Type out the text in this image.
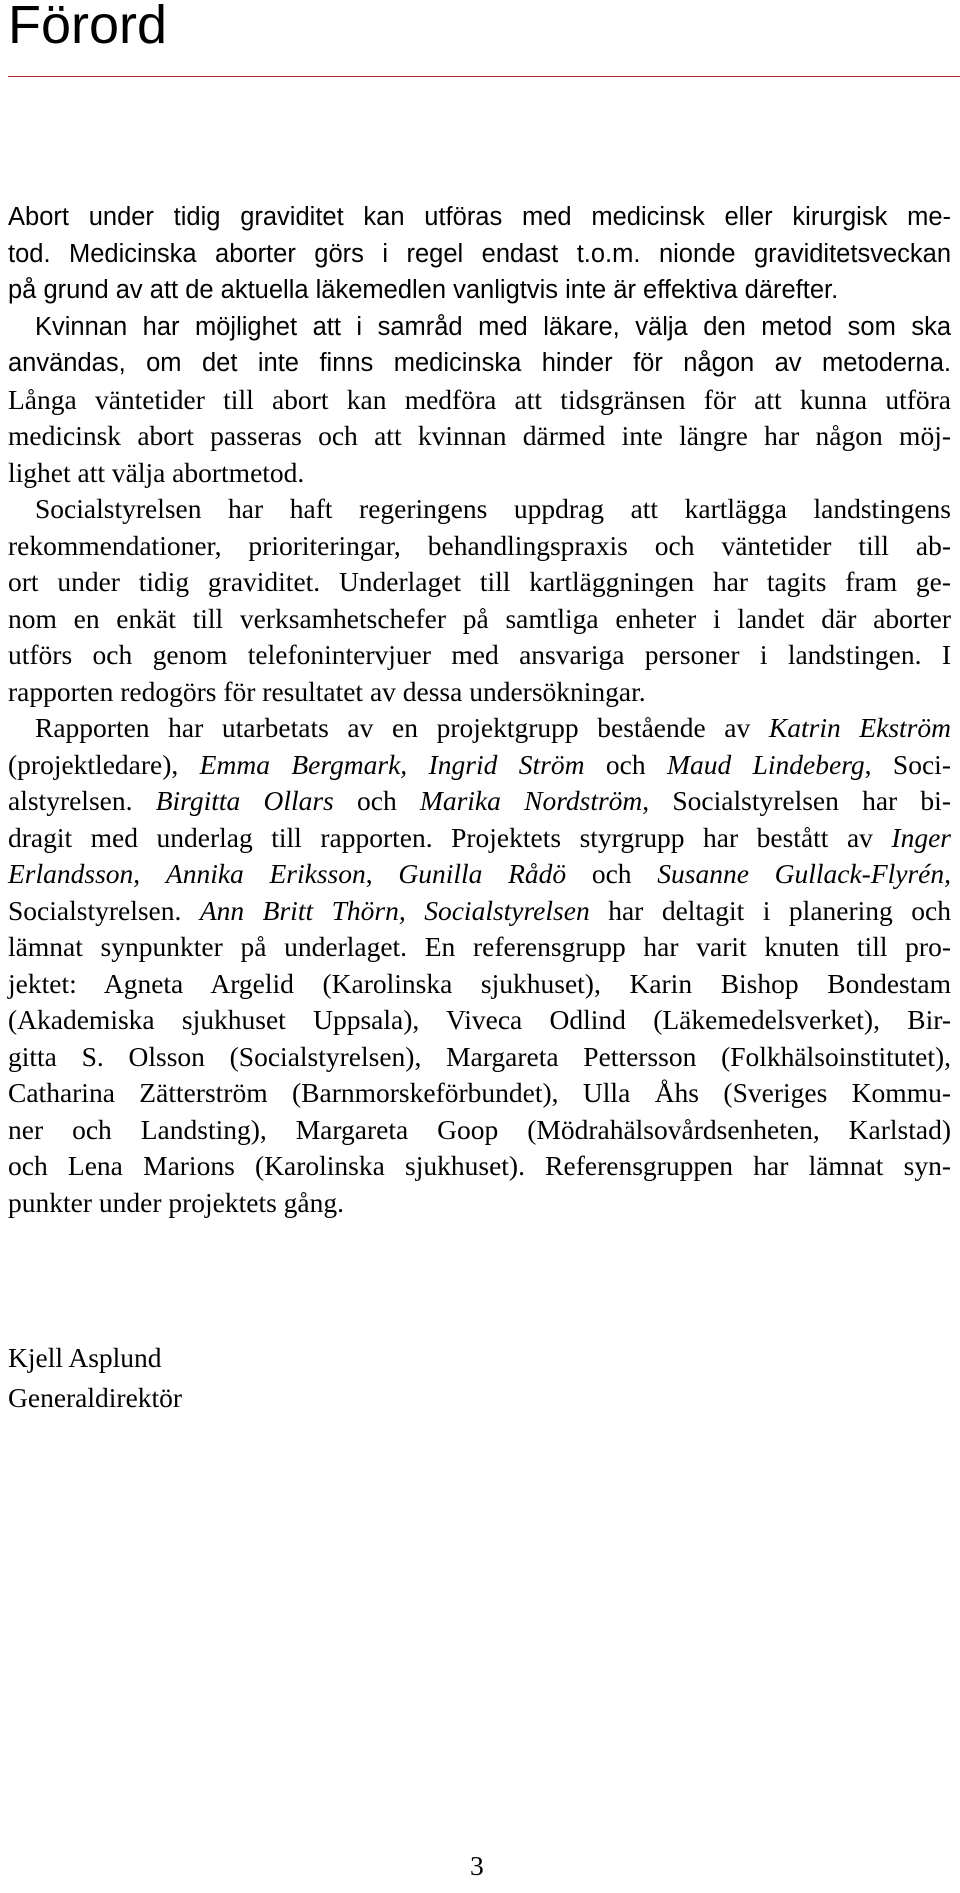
Förord

Abort under tidig graviditet kan utföras med medicinsk eller kirurgisk me-
tod. Medicinska aborter görs i regel endast t.o.m. nionde graviditetsveckan
på grund av att de aktuella läkemedlen vanligtvis inte är effektiva därefter.
Kvinnan har möjlighet att i samråd med läkare, välja den metod som ska
användas, om det inte finns medicinska hinder för någon av metoderna.
Långa väntetider till abort kan medföra att tidsgränsen för att kunna utföra
medicinsk abort passeras och att kvinnan därmed inte längre har någon möj-
lighet att välja abortmetod.

Socialstyrelsen har haft regeringens uppdrag att kartlägga landstingens
rekommendationer, prioriteringar, behandlingspraxis och väntetider till ab-
ort under tidig graviditet. Underlaget till kartläggningen har tagits fram ge-
nom en enkät till verksamhetschefer på samtliga enheter i landet där aborter
utförs och genom telefonintervjuer med ansvariga personer i landstingen. I
rapporten redogörs för resultatet av dessa undersökningar.

Rapporten har utarbetats av en projektgrupp bestående av Katrin Ekström
(projektledare), Emma Bergmark, Ingrid Ström och Maud Lindeberg, Soci-
alstyrelsen. Birgitta Ollars och Marika Nordström, Socialstyrelsen har bi-
dragit med underlag till rapporten. Projektets styrgrupp har bestått av Inger
Erlandsson, Annika Eriksson, Gunilla Rådö och Susanne Gullack-Flyrén,
Socialstyrelsen. Ann Britt Thörn, Socialstyrelsen har deltagit i planering och
lämnat synpunkter på underlaget. En referensgrupp har varit knuten till pro-
jektet: Agneta Argelid (Karolinska sjukhuset), Karin Bishop Bondestam
(Akademiska sjukhuset Uppsala), Viveca Odlind (Läkemedelsverket), Bir-
gitta S. Olsson (Socialstyrelsen), Margareta Pettersson (Folkhälsoinstitutet),
Catharina Zätterström (Barnmorskeförbundet), Ulla Åhs (Sveriges Kommu-
ner och Landsting), Margareta Goop (Mödrahälsovårdsenheten, Karlstad)
och Lena Marions (Karolinska sjukhuset). Referensgruppen har lämnat syn-
punkter under projektets gång.

Kjell Asplund
Generaldirektör
3
